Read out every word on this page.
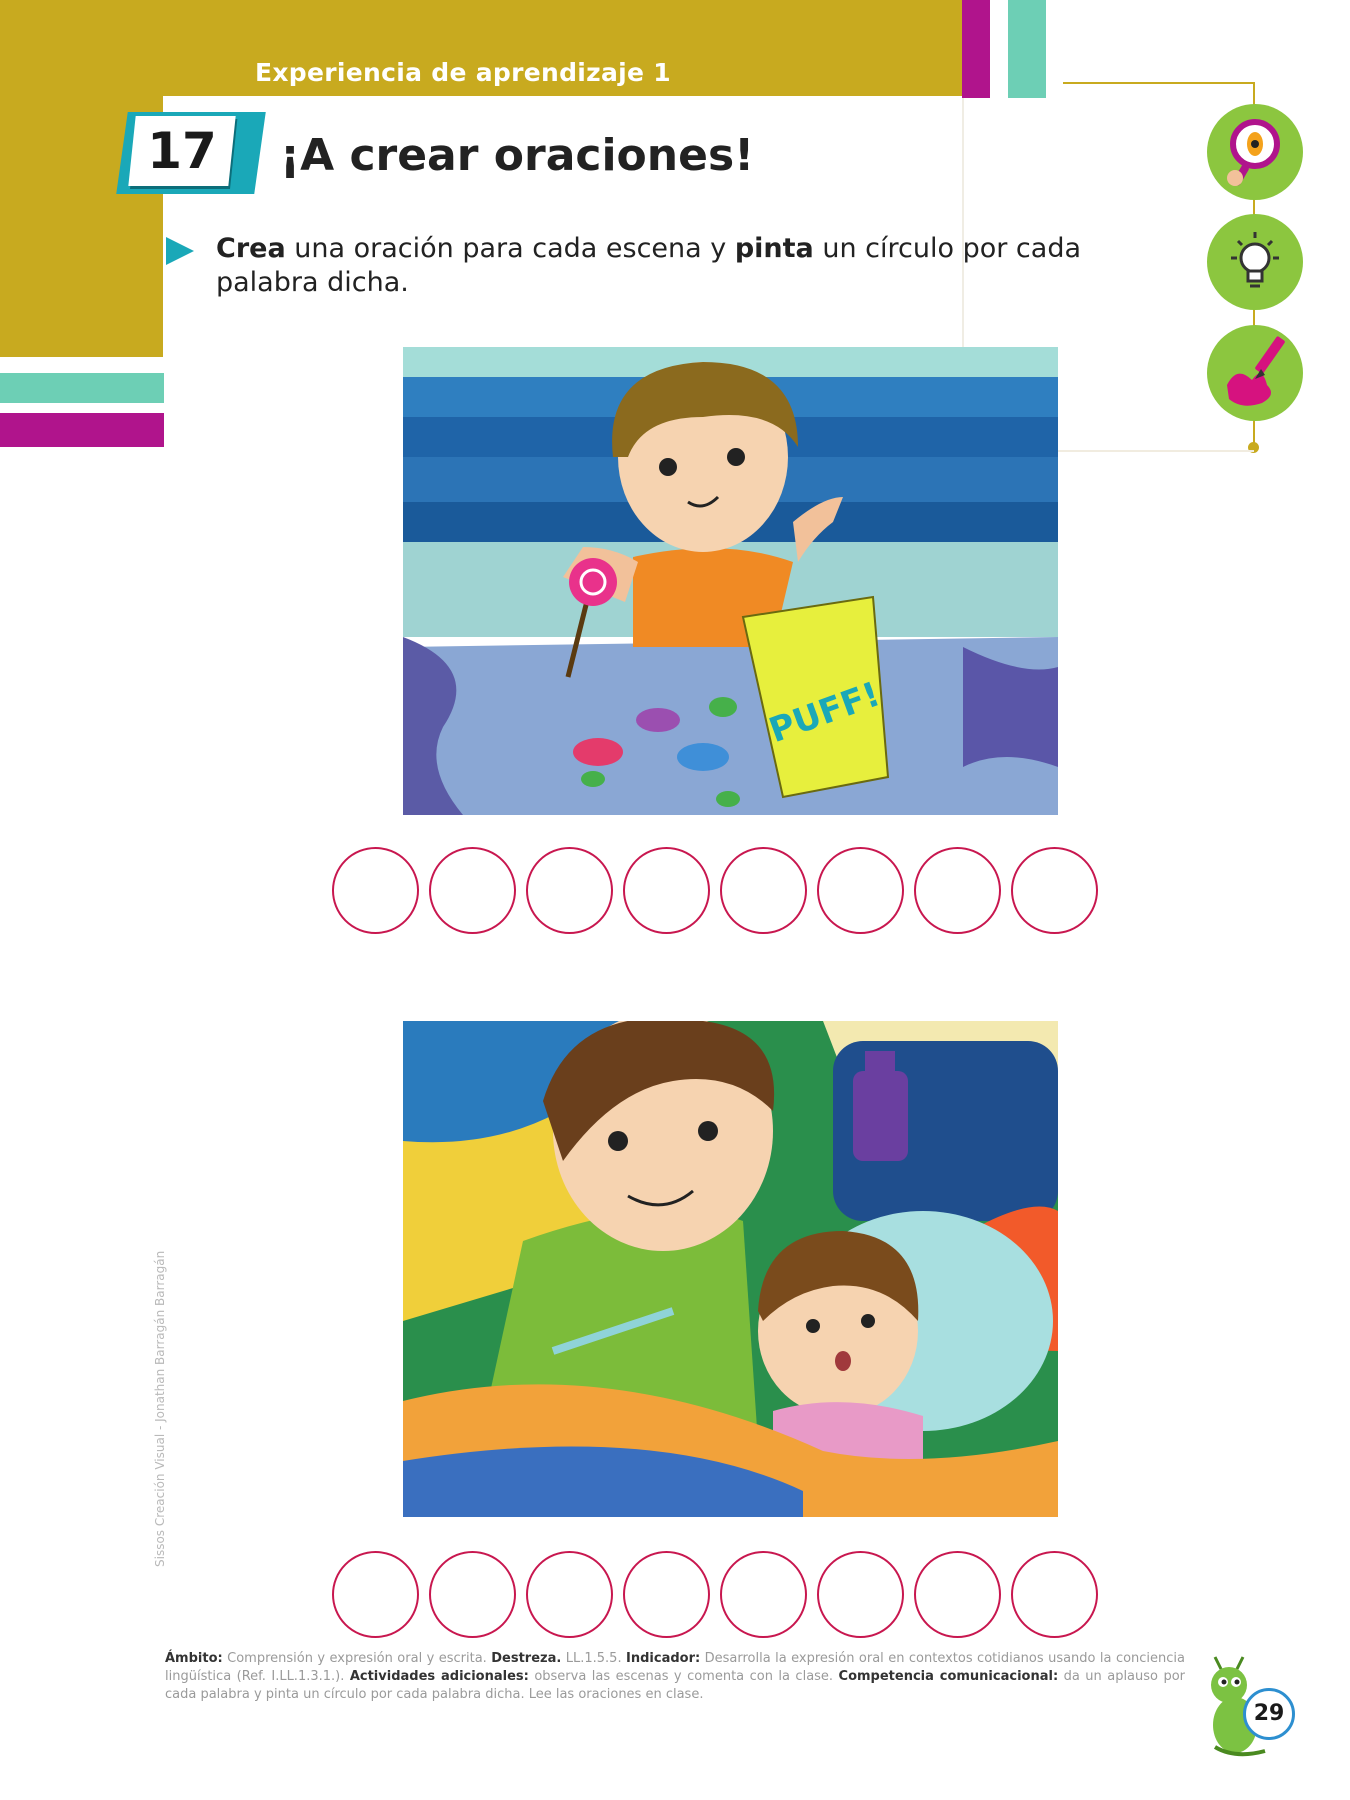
Experiencia de aprendizaje 1
17	¡A crear oraciones!
Crea una oración para cada escena y pinta un círculo por cada palabra dicha.
PUFF!
Sissos Creación Visual - Jonathan Barragán Barragán
Ámbito: Comprensión y expresión oral y escrita. Destreza. LL.1.5.5. Indicador: Desarrolla la expresión oral en contextos cotidianos usando la conciencia lingüística (Ref. I.LL.1.3.1.). Actividades adicionales: observa las escenas y comenta con la clase. Competencia comunicacional: da un aplauso por cada palabra y pinta un círculo por cada palabra dicha. Lee las oraciones en clase.
29
